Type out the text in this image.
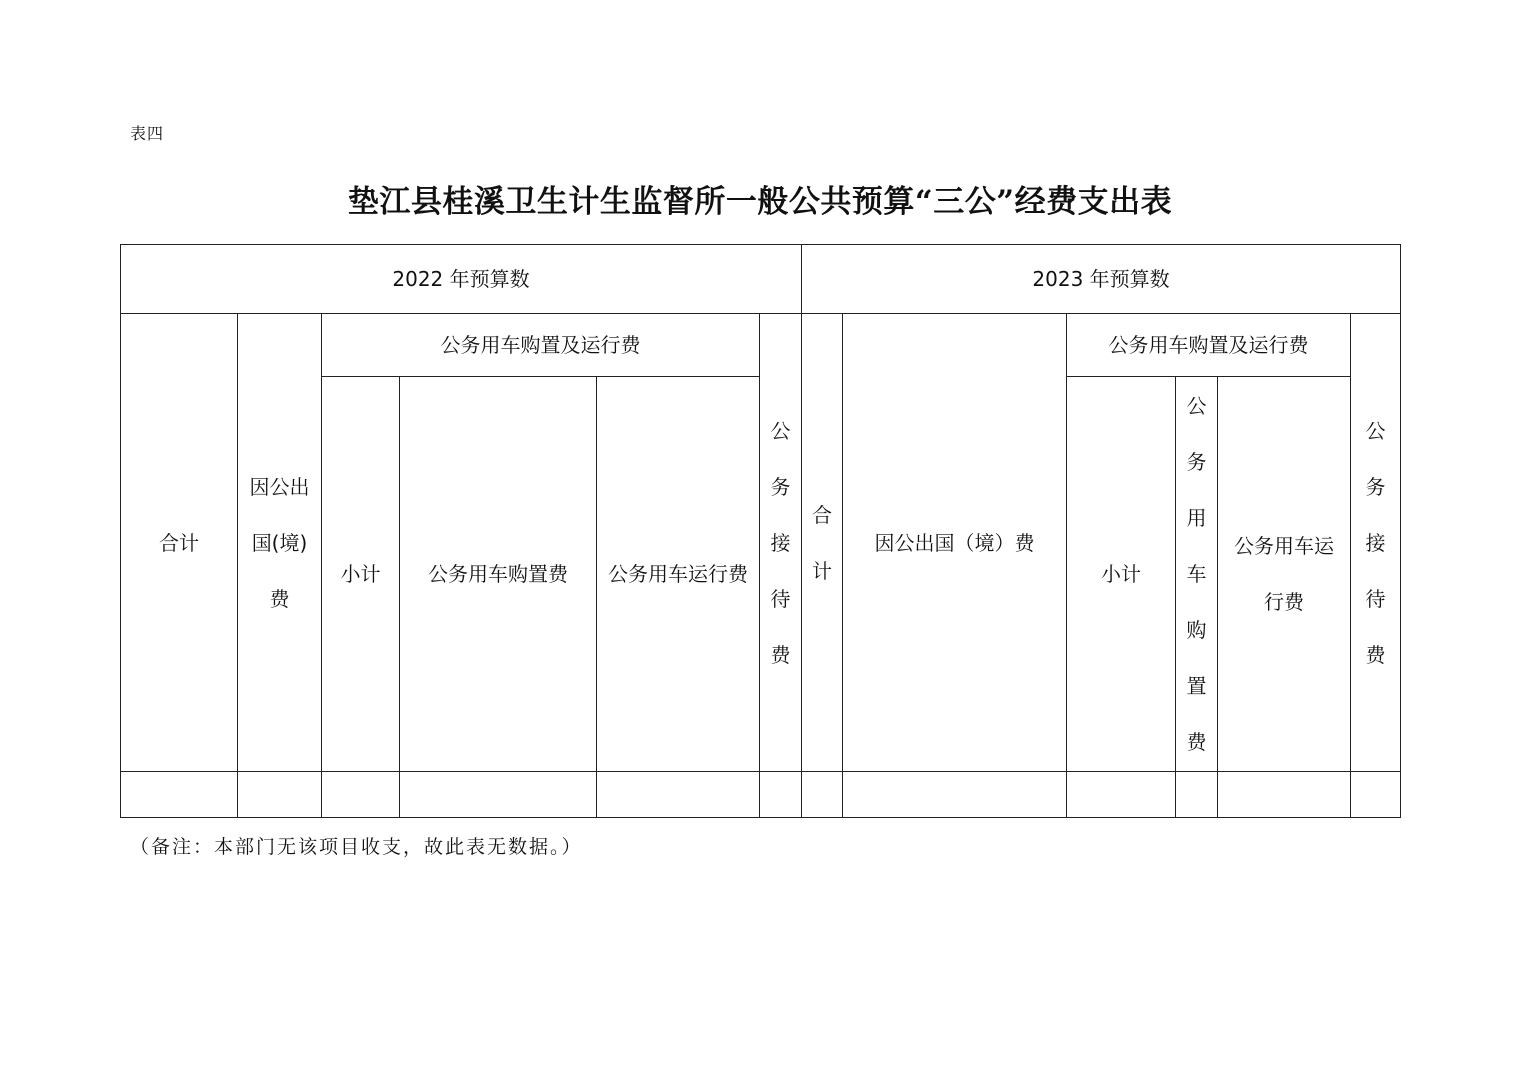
表四
垫江县桂溪卫生计生监督所一般公共预算“三公”经费支出表
2022 年预算数						2023 年预算数					
合计	因公出国(境)费	公务用车购置及运行费			公务接待费	合计	因公出国（境）费	公务用车购置及运行费			公务接待费
		小计	公务用车购置费	公务用车运行费				小计	公务用车购置费	公务用车运行费	

（备注：本部门无该项目收支，故此表无数据。）
